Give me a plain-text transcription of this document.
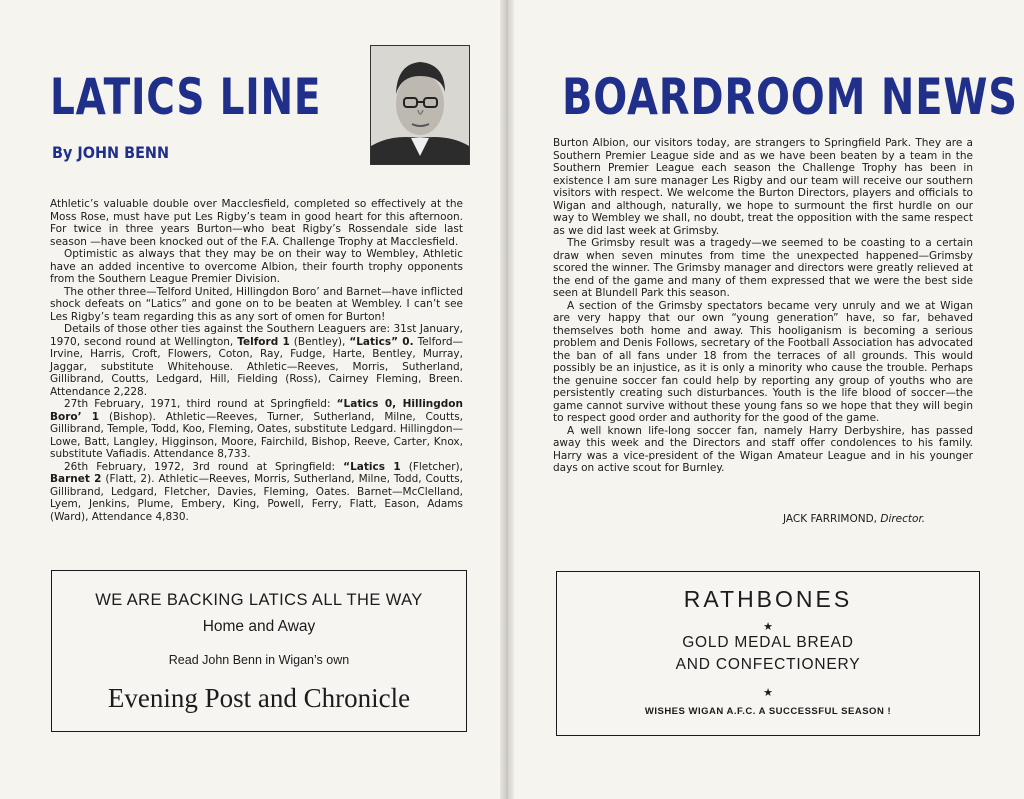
LATICS LINE
By JOHN BENN

Athletic’s valuable double over Macclesfield, completed so effectively at the Moss Rose, must have put Les Rigby’s team in good heart for this afternoon. For twice in three years Burton—who beat Rigby’s Rossendale side last season —have been knocked out of the F.A. Challenge Trophy at Macclesfield.

Optimistic as always that they may be on their way to Wembley, Athletic have an added incentive to overcome Albion, their fourth trophy opponents from the Southern League Premier Division.

The other three—Telford United, Hillingdon Boro’ and Barnet—have inflicted shock defeats on “Latics” and gone on to be beaten at Wembley. I can’t see Les Rigby’s team regarding this as any sort of omen for Burton!

Details of those other ties against the Southern Leaguers are: 31st January, 1970, second round at Wellington, Telford 1 (Bentley), “Latics” 0. Telford—Irvine, Harris, Croft, Flowers, Coton, Ray, Fudge, Harte, Bentley, Murray, Jaggar, substitute Whitehouse. Athletic—Reeves, Morris, Sutherland, Gillibrand, Coutts, Ledgard, Hill, Fielding (Ross), Cairney Fleming, Breen. Attendance 2,228.

27th February, 1971, third round at Springfield: “Latics 0, Hillingdon Boro’ 1 (Bishop). Athletic—Reeves, Turner, Sutherland, Milne, Coutts, Gillibrand, Temple, Todd, Koo, Fleming, Oates, substitute Ledgard. Hillingdon—Lowe, Batt, Langley, Higginson, Moore, Fairchild, Bishop, Reeve, Carter, Knox, substitute Vafiadis. Attendance 8,733.

26th February, 1972, 3rd round at Springfield: “Latics 1 (Fletcher), Barnet 2 (Flatt, 2). Athletic—Reeves, Morris, Sutherland, Milne, Todd, Coutts, Gillibrand, Ledgard, Fletcher, Davies, Fleming, Oates. Barnet—McClelland, Lyem, Jenkins, Plume, Embery, King, Powell, Ferry, Flatt, Eason, Adams (Ward), Attendance 4,830.

WE ARE BACKING LATICS ALL THE WAY
Home and Away
Read John Benn in Wigan’s own
Evening Post and Chronicle
BOARDROOM NEWS

Burton Albion, our visitors today, are strangers to Springfield Park. They are a Southern Premier League side and as we have been beaten by a team in the Southern Premier League each season the Challenge Trophy has been in existence I am sure manager Les Rigby and our team will receive our southern visitors with respect. We welcome the Burton Directors, players and officials to Wigan and although, naturally, we hope to surmount the first hurdle on our way to Wembley we shall, no doubt, treat the opposition with the same respect as we did last week at Grimsby.

The Grimsby result was a tragedy—we seemed to be coasting to a certain draw when seven minutes from time the unexpected happened—Grimsby scored the winner. The Grimsby manager and directors were greatly relieved at the end of the game and many of them expressed that we were the best side seen at Blundell Park this season.

A section of the Grimsby spectators became very unruly and we at Wigan are very happy that our own “young generation” have, so far, behaved themselves both home and away. This hooliganism is becoming a serious problem and Denis Follows, secretary of the Football Association has advocated the ban of all fans under 18 from the terraces of all grounds. This would possibly be an injustice, as it is only a minority who cause the trouble. Perhaps the genuine soccer fan could help by reporting any group of youths who are persistently creating such disturbances. Youth is the life blood of soccer—the game cannot survive without these young fans so we hope that they will begin to respect good order and authority for the good of the game.

A well known life-long soccer fan, namely Harry Derbyshire, has passed away this week and the Directors and staff offer condolences to his family. Harry was a vice-president of the Wigan Amateur League and in his younger days on active scout for Burnley.

JACK FARRIMOND, Director.
RATHBONES
★
GOLD MEDAL BREAD
AND CONFECTIONERY
★
WISHES WIGAN A.F.C. A SUCCESSFUL SEASON !
